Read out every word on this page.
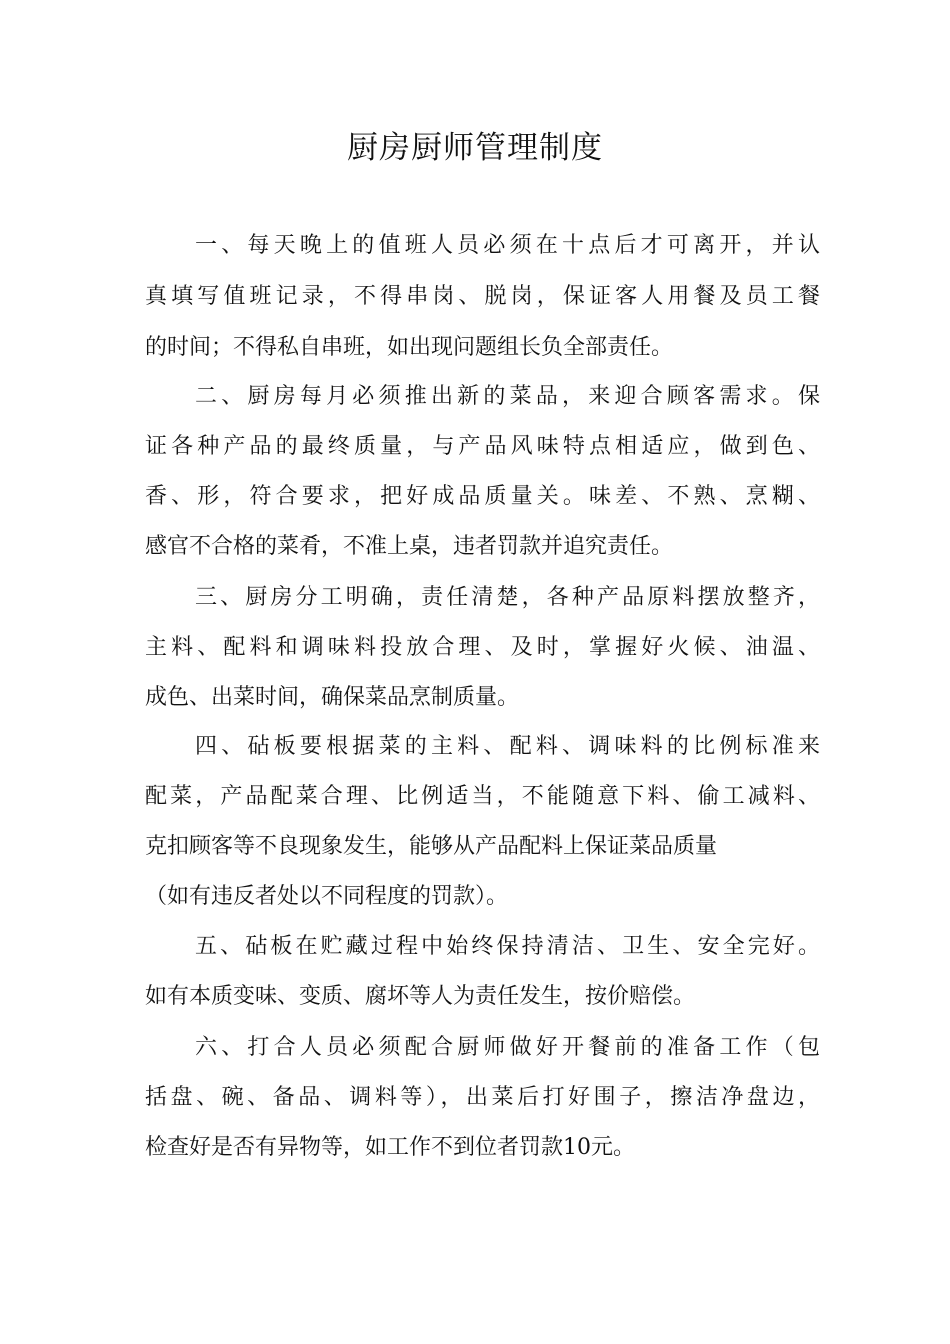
厨房厨师管理制度
一、每天晚上的值班人员必须在十点后才可离开，并认
真填写值班记录，不得串岗、脱岗，保证客人用餐及员工餐
的时间；不得私自串班，如出现问题组长负全部责任。
二、厨房每月必须推出新的菜品，来迎合顾客需求。保
证各种产品的最终质量，与产品风味特点相适应，做到色、
香、形，符合要求，把好成品质量关。味差、不熟、烹糊、
感官不合格的菜肴，不准上桌，违者罚款并追究责任。
三、厨房分工明确，责任清楚，各种产品原料摆放整齐，
主料、配料和调味料投放合理、及时，掌握好火候、油温、
成色、出菜时间，确保菜品烹制质量。
四、砧板要根据菜的主料、配料、调味料的比例标准来
配菜，产品配菜合理、比例适当，不能随意下料、偷工减料、
克扣顾客等不良现象发生，能够从产品配料上保证菜品质量
（如有违反者处以不同程度的罚款）。
五、砧板在贮藏过程中始终保持清洁、卫生、安全完好。
如有本质变味、变质、腐坏等人为责任发生，按价赔偿。
六、打合人员必须配合厨师做好开餐前的准备工作（包
括盘、碗、备品、调料等），出菜后打好围子，擦洁净盘边，
检查好是否有异物等，如工作不到位者罚款10元。
